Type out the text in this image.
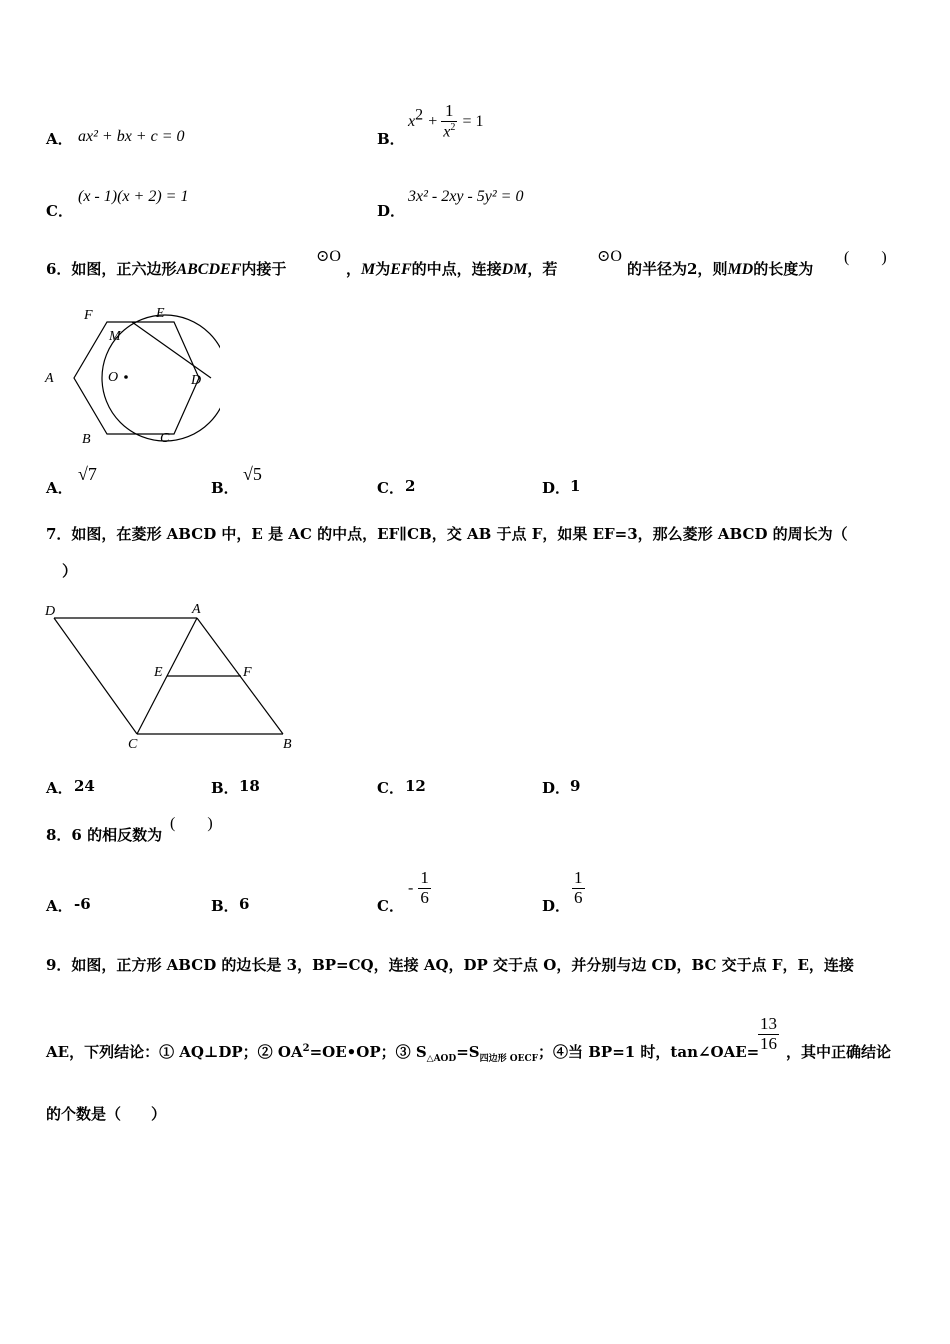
A． ax² + bx + c = 0	B．
$x^2 + \frac{1}{x^2} = 1$
C．
(x - 1)(x + 2) = 1
D．
3x² - 2xy - 5y² = 0
6．如图，正六边形ABCDEF内接于
⊙O
，M为EF的中点，连接DM，若
⊙O
的半径为2，则MD的长度为
(　　)
F	E
M
A	O	D
B	C
A．
√7
B．
√5
C． 2	D． 1
7．如图，在菱形 ABCD 中，E 是 AC 的中点，EF∥CB，交 AB 于点 F，如果 EF=3，那么菱形 ABCD 的周长为（
）
D	A
E	F
C	B
A． 24	B． 18	C． 12	D． 9
8．6 的相反数为
(　　)
A． -6	B． 6	C．
- $\frac{1}{6}$	D． $\frac{1}{6}$
9．如图，正方形 ABCD 的边长是 3，BP=CQ，连接 AQ，DP 交于点 O，并分别与边 CD，BC 交于点 F，E，连接
AE，下列结论：① AQ⊥DP；② $OA^2=OE•OP$；③ $S_{\triangle AOD}=S_{四边形 OECF}$；④当 BP=1 时，tan∠OAE=
$\frac{13}{16}$ ，其中正确结论
的个数是（　　）
